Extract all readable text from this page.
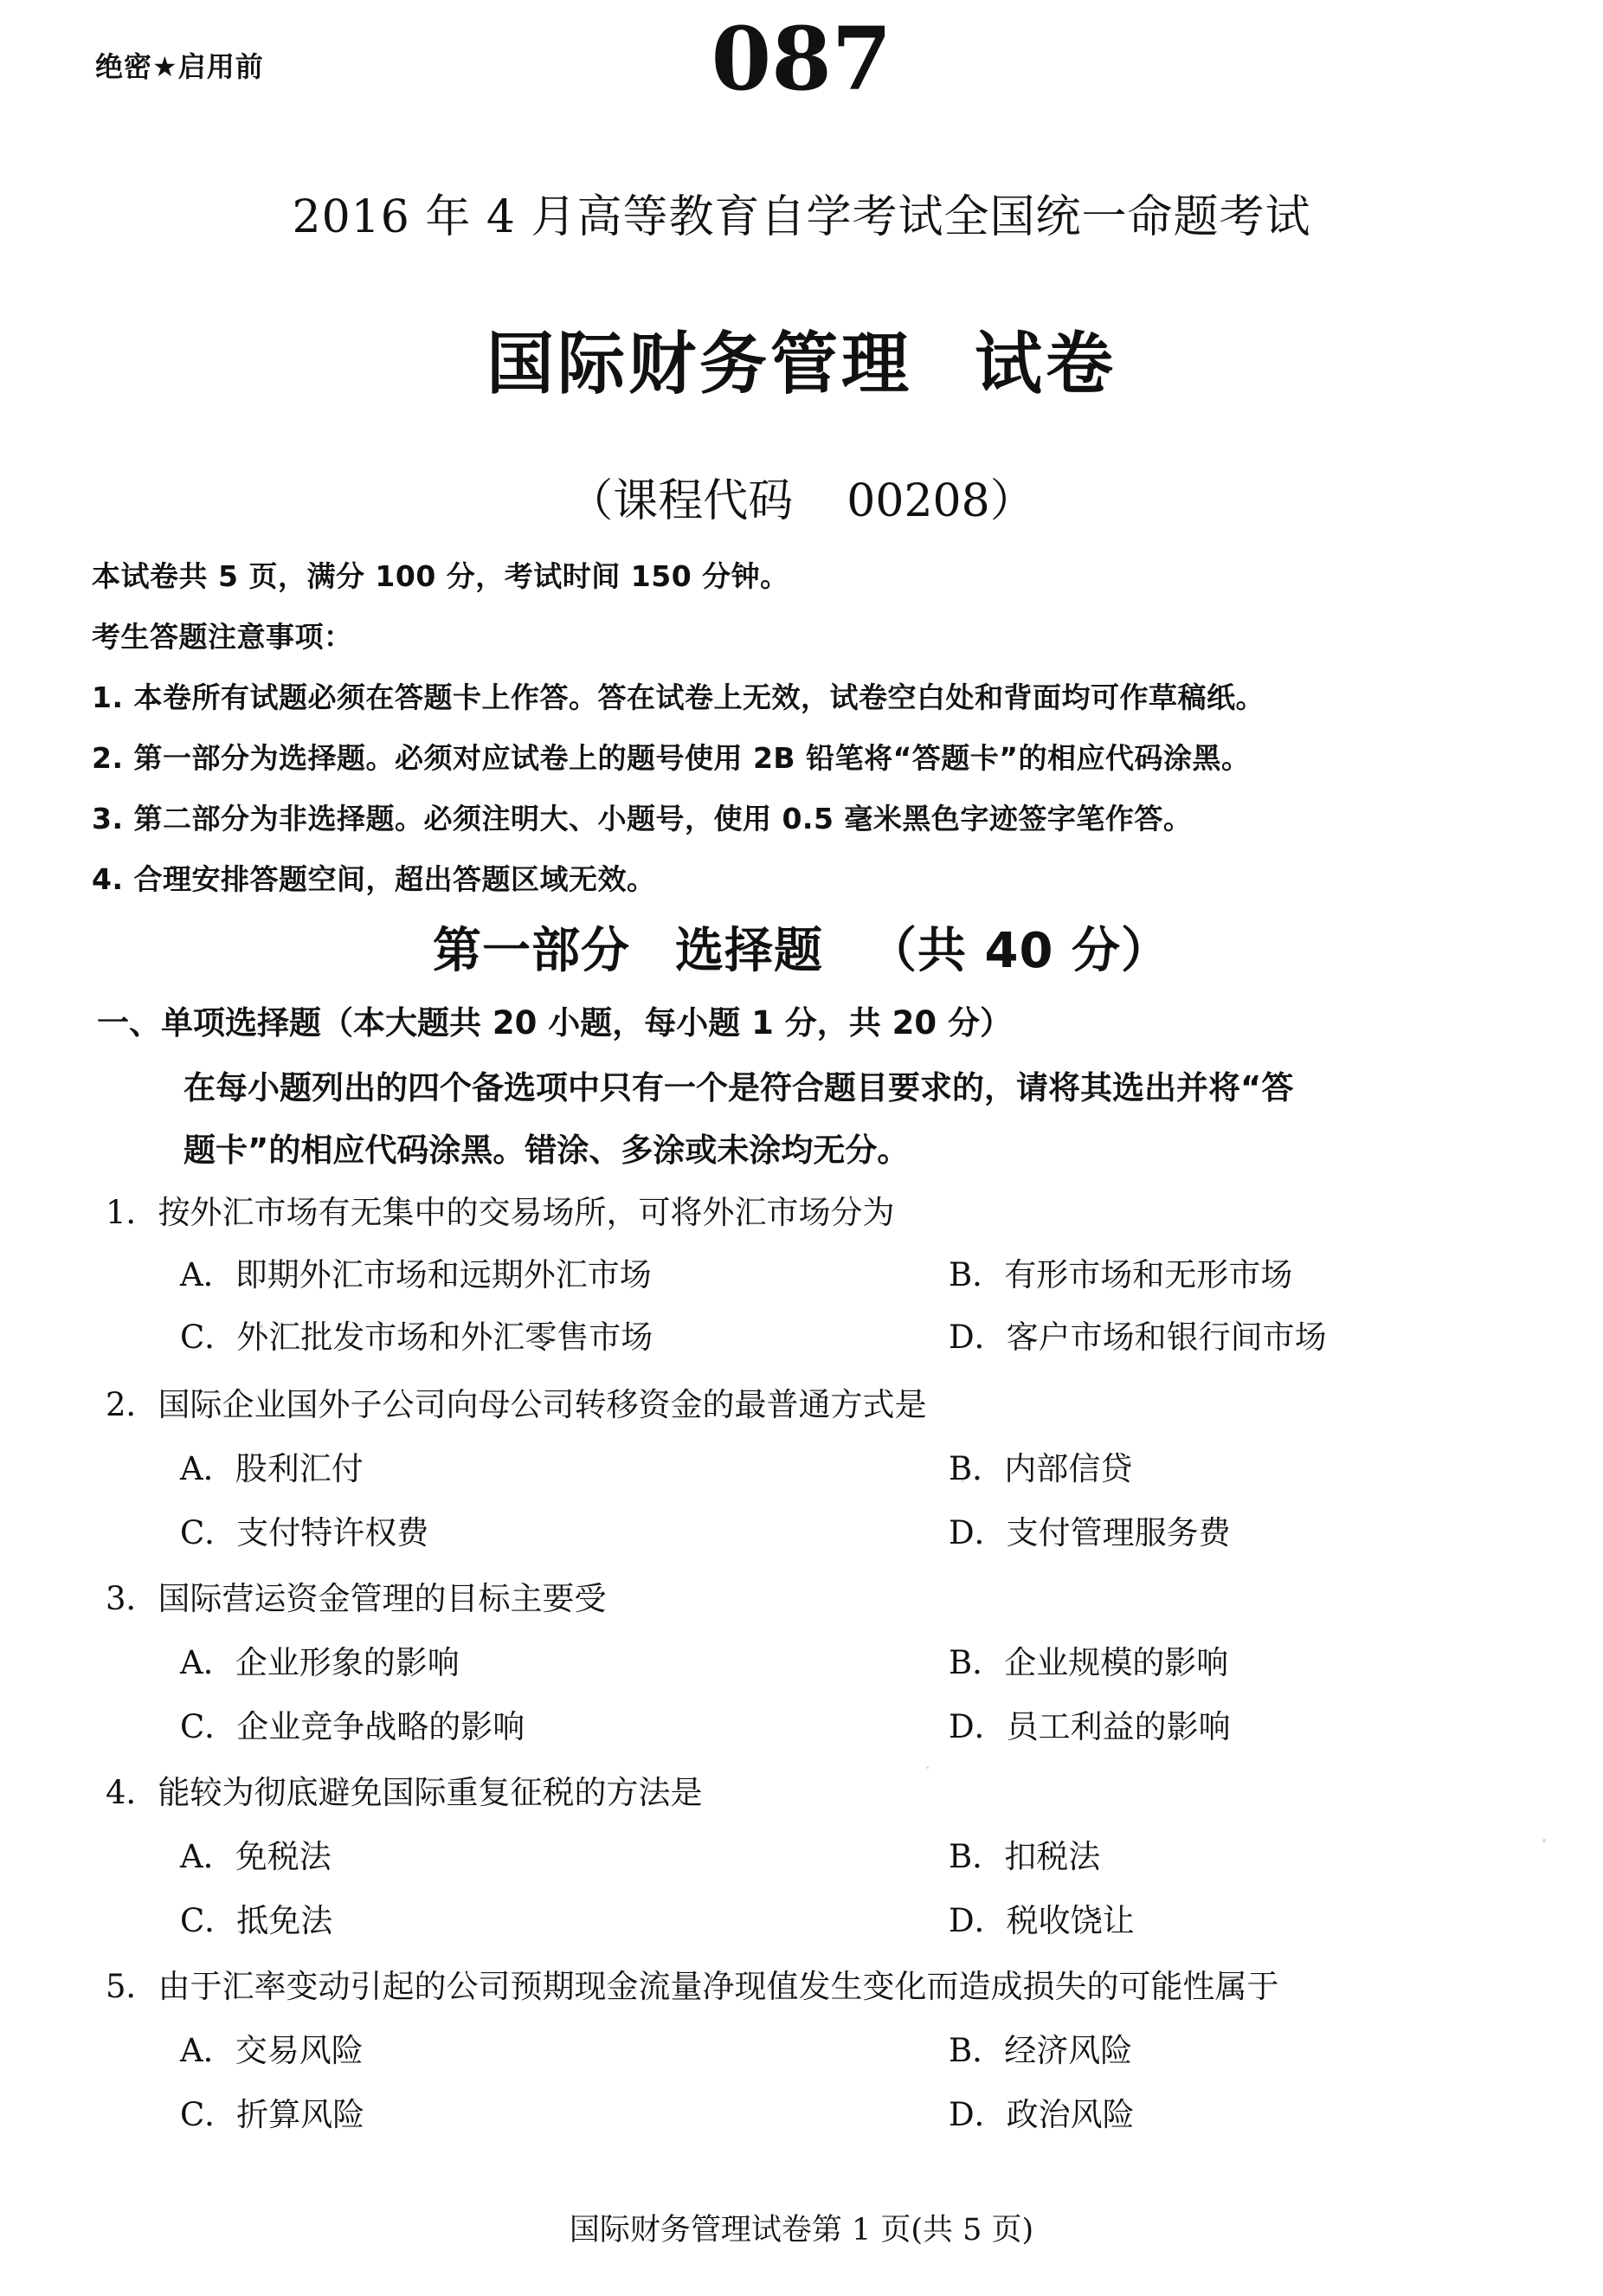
绝密★启用前	087
2016 年 4 月高等教育自学考试全国统一命题考试
国际财务管理 试卷
（课程代码 00208）
本试卷共 5 页，满分 100 分，考试时间 150 分钟。
考生答题注意事项：
1. 本卷所有试题必须在答题卡上作答。答在试卷上无效，试卷空白处和背面均可作草稿纸。
2. 第一部分为选择题。必须对应试卷上的题号使用 2B 铅笔将“答题卡”的相应代码涂黑。
3. 第二部分为非选择题。必须注明大、小题号，使用 0.5 毫米黑色字迹签字笔作答。
4. 合理安排答题空间，超出答题区域无效。
第一部分 选择题 （共 40 分）
一、单项选择题（本大题共 20 小题，每小题 1 分，共 20 分）
在每小题列出的四个备选项中只有一个是符合题目要求的，请将其选出并将“答
题卡”的相应代码涂黑。错涂、多涂或未涂均无分。
1．按外汇市场有无集中的交易场所，可将外汇市场分为
A．即期外汇市场和远期外汇市场	B．有形市场和无形市场
C．外汇批发市场和外汇零售市场	D．客户市场和银行间市场
2．国际企业国外子公司向母公司转移资金的最普通方式是
A．股利汇付	B．内部信贷
C．支付特许权费	D．支付管理服务费
3．国际营运资金管理的目标主要受
A．企业形象的影响	B．企业规模的影响
C．企业竞争战略的影响	D．员工利益的影响
4．能较为彻底避免国际重复征税的方法是
A．免税法	B．扣税法
C．抵免法	D．税收饶让
5．由于汇率变动引起的公司预期现金流量净现值发生变化而造成损失的可能性属于
A．交易风险	B．经济风险
C．折算风险	D．政治风险
国际财务管理试卷第 1 页(共 5 页)
